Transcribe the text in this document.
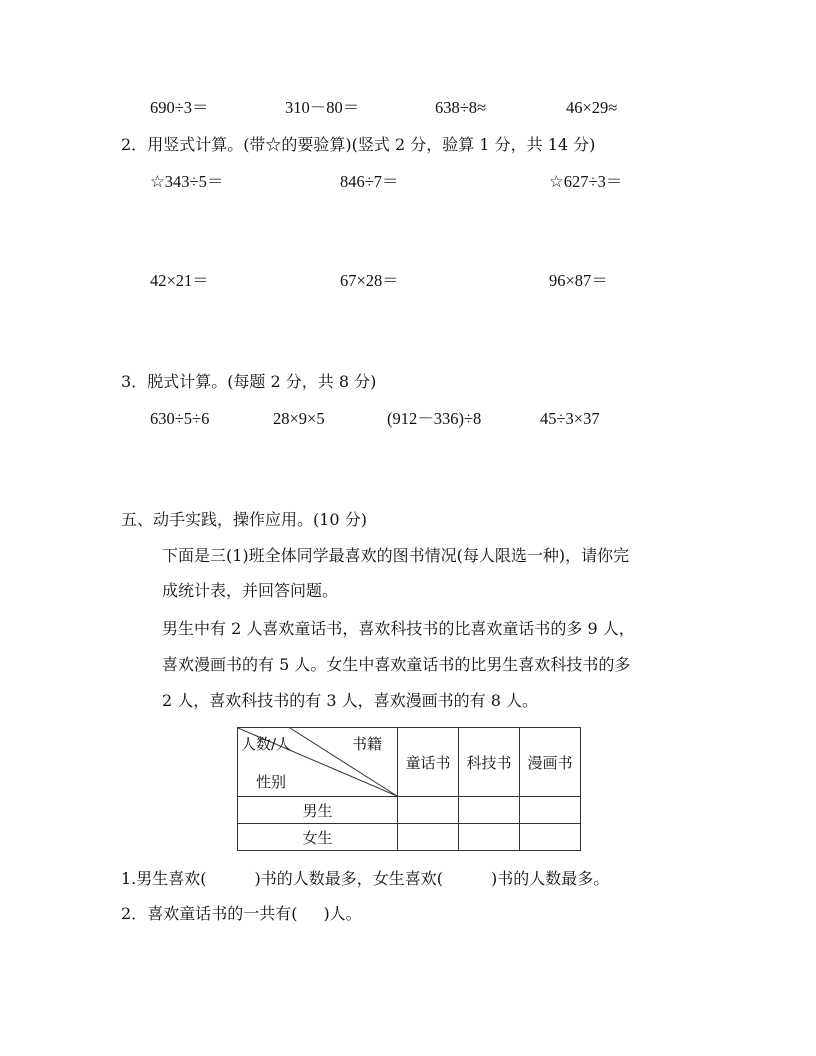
690÷3＝	310－80＝	638÷8≈	46×29≈
2．用竖式计算。(带☆的要验算)(竖式 2 分，验算 1 分，共 14 分)
☆343÷5＝	846÷7＝	☆627÷3＝
42×21＝	67×28＝	96×87＝
3．脱式计算。(每题 2 分，共 8 分)
630÷5÷6	28×9×5	(912－336)÷8	45÷3×37
五、动手实践，操作应用。(10 分)
下面是三(1)班全体同学最喜欢的图书情况(每人限选一种)，请你完
成统计表，并回答问题。
男生中有 2 人喜欢童话书，喜欢科技书的比喜欢童话书的多 9 人，
喜欢漫画书的有 5 人。女生中喜欢童话书的比男生喜欢科技书的多
2 人，喜欢科技书的有 3 人，喜欢漫画书的有 8 人。
人数/人 书籍
性别	童话书	科技书	漫画书
男生			
女生			
1.男生喜欢(	)书的人数最多，女生喜欢(	)书的人数最多。
2．喜欢童话书的一共有( )人。
